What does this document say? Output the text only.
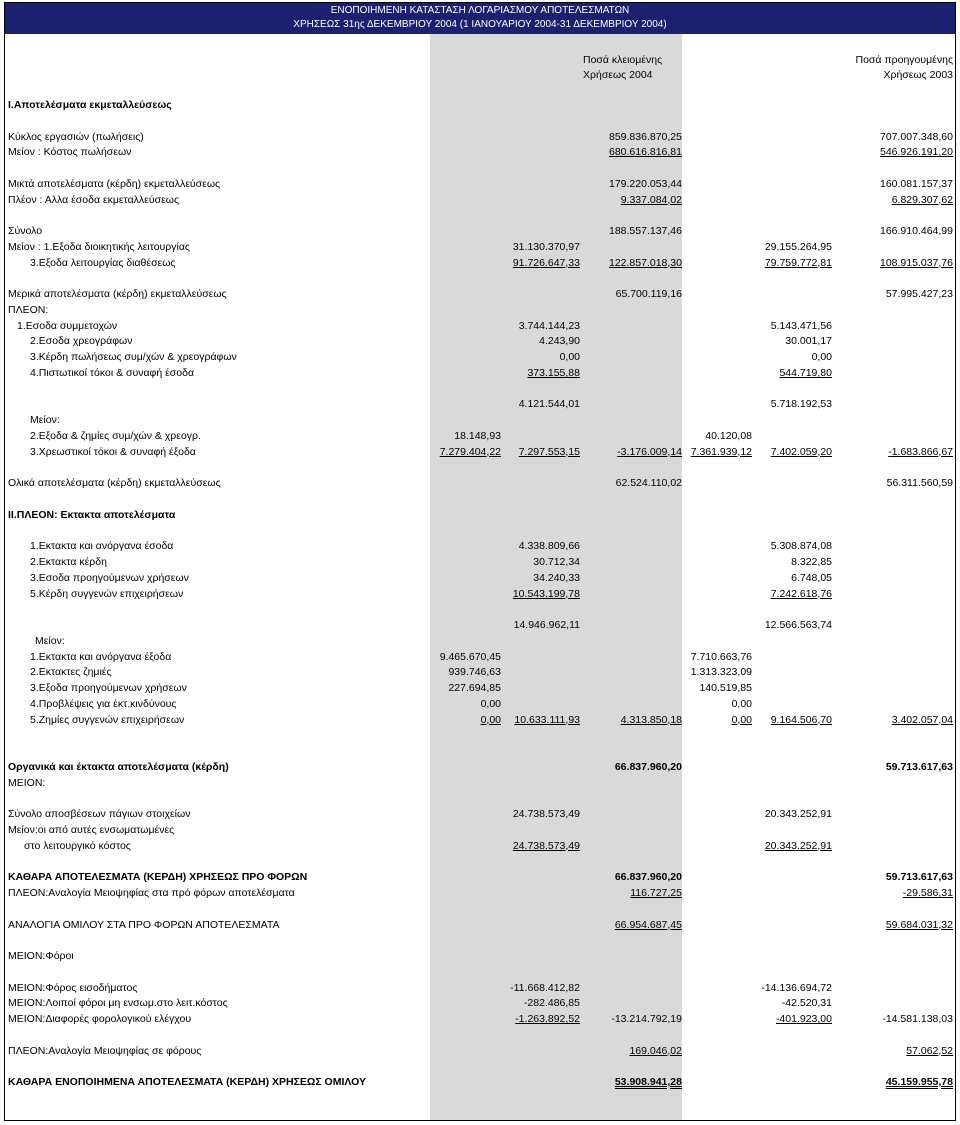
ΕΝΟΠΟΙΗΜΕΝΗ ΚΑΤΑΣΤΑΣΗ ΛΟΓΑΡΙΑΣΜΟΥ ΑΠΟΤΕΛΕΣΜΑΤΩΝ
ΧΡΗΣΕΩΣ 31ης ΔΕΚΕΜΒΡΙΟΥ 2004 (1 ΙΑΝΟΥΑΡΙΟΥ 2004-31 ΔΕΚΕΜΒΡΙΟΥ 2004)
Ποσά κλειομένης
Χρήσεως 2004
Ποσά προηγουμένης
Χρήσεως 2003
I.Αποτελέσματα εκμεταλλεύσεως
Κύκλος εργασιών (πωλήσεις)	859.836.870,25	707.007.348,60
Μείον : Κόστος πωλήσεων	680.616.816,81	546.926.191,20
Μικτά αποτελέσματα (κέρδη) εκμεταλλεύσεως	179.220.053,44	160.081.157,37
Πλέον : Αλλα έσοδα εκμεταλλεύσεως	9.337.084,02	6.829.307,62
Σύνολο	188.557.137,46	166.910.464,99
Μείον : 1.Εξοδα διοικητικής λειτουργίας	31.130.370,97	29.155.264,95
3.Εξοδα λειτουργίας διαθέσεως	91.726.647,33	122.857.018,30	79.759.772,81	108.915.037,76
Μερικά αποτελέσματα (κέρδη) εκμεταλλεύσεως	65.700.119,16	57.995.427,23
ΠΛΕΟΝ:
1.Εσοδα συμμετοχών	3.744.144,23	5.143.471,56
2.Εσοδα χρεογράφων	4.243,90	30.001,17
3.Κέρδη πωλήσεως συμ/χών & χρεογράφων	0,00	0,00
4.Πιστωτικοί τόκοι & συναφή έσοδα	373.155,88	544.719,80
4.121.544,01	5.718.192,53
Μείον:
2.Εξοδα & ζημίες συμ/χών & χρεογρ.	18.148,93	40.120,08
3.Χρεωστικοί τόκοι & συναφή έξοδα	7.279.404,22 7.297.553,15	-3.176.009,14 7.361.939,12 7.402.059,20	-1.683.866,67
Ολικά αποτελέσματα (κέρδη) εκμεταλλεύσεως	62.524.110,02	56.311.560,59
II.ΠΛΕΟΝ: Εκτακτα αποτελέσματα
1.Εκτακτα και ανόργανα έσοδα	4.338.809,66	5.308.874,08
2.Εκτακτα κέρδη	30.712,34	8.322,85
3.Εσοδα προηγούμενων χρήσεων	34.240,33	6.748,05
5.Κέρδη συγγενών επιχειρήσεων	10.543.199,78	7.242.618,76
14.946.962,11	12.566.563,74
Μείον:
1.Εκτακτα και ανόργανα έξοδα	9.465.670,45	7.710.663,76
2.Εκτακτες ζημιές	939.746,63	1.313.323,09
3.Εξοδα προηγούμενων χρήσεων	227.694,85	140.519,85
4.Προβλέψεις για έκτ.κινδύνους	0,00	0,00
5.Ζημίες συγγενών επιχειρήσεων	0,00 10.633.111,93	4.313.850,18	0,00 9.164.506,70	3.402.057,04
Οργανικά και έκτακτα αποτελέσματα (κέρδη)	66.837.960,20	59.713.617,63
ΜΕΙΟΝ:
Σύνολο αποσβέσεων πάγιων στοιχείων	24.738.573,49	20.343.252,91
Μείον:οι από αυτές ενσωματωμένες
στο λειτουργικό κόστος	24.738.573,49	20.343.252,91
ΚΑΘΑΡΑ ΑΠΟΤΕΛΕΣΜΑΤΑ (ΚΕΡΔΗ) ΧΡΗΣΕΩΣ ΠΡΟ ΦΟΡΩΝ	66.837.960,20	59.713.617,63
ΠΛΕΟΝ:Αναλογία Μειοψηφίας στα πρό φόρων αποτελέσματα	116.727,25	-29.586,31
ΑΝΑΛΟΓΙΑ ΟΜΙΛΟΥ ΣΤΑ ΠΡΟ ΦΟΡΩΝ ΑΠΟΤΕΛΕΣΜΑΤΑ	66.954.687,45	59.684.031,32
ΜΕΙΟΝ:Φόροι
ΜΕΙΟΝ:Φόρος εισοδήματος	-11.668.412,82	-14.136.694,72
ΜΕΙΟΝ:Λοιποί φόροι μη ενσωμ.στο λειτ.κόστος	-282.486,85	-42.520,31
ΜΕΙΟΝ:Διαφορές φορολογικού ελέγχου	-1.263.892,52	-13.214.792,19	-401.923,00	-14.581.138,03
ΠΛΕΟΝ:Αναλογία Μειοψηφίας σε φόρους	169.046,02	57.062,52
ΚΑΘΑΡΑ ΕΝΟΠΟΙΗΜΕΝΑ ΑΠΟΤΕΛΕΣΜΑΤΑ (ΚΕΡΔΗ) ΧΡΗΣΕΩΣ ΟΜΙΛΟΥ	53.908.941,28	45.159.955,78
